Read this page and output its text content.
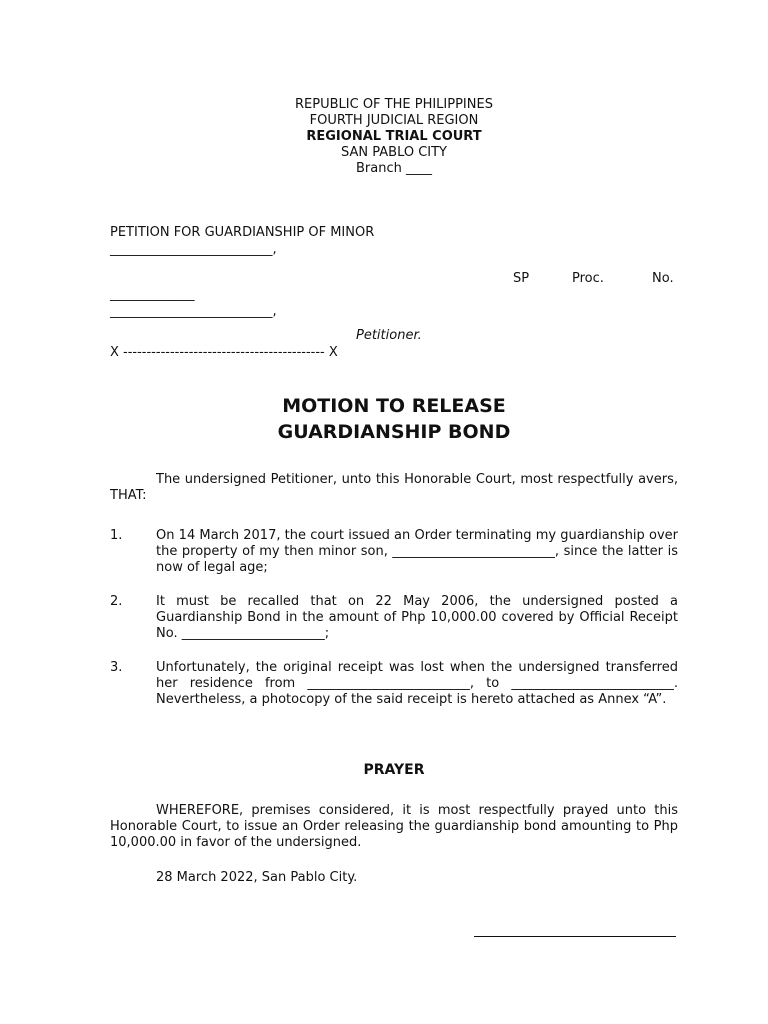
REPUBLIC OF THE PHILIPPINES
FOURTH JUDICIAL REGION
REGIONAL TRIAL COURT
SAN PABLO CITY
Branch ____
PETITION FOR GUARDIANSHIP OF MINOR
_________________________,
SP	Proc.	No.
_____________
_________________________,
Petitioner.
X ------------------------------------------- X
MOTION TO RELEASE
GUARDIANSHIP BOND
The undersigned Petitioner, unto this Honorable Court, most respectfully avers, THAT:
1.	On 14 March 2017, the court issued an Order terminating my guardianship over the property of my then minor son, _________________________, since the latter is now of legal age;
2.	It must be recalled that on 22 May 2006, the undersigned posted a Guardianship Bond in the amount of Php 10,000.00 covered by Official Receipt No. ______________________;
3.	Unfortunately, the original receipt was lost when the undersigned transferred her residence from _________________________, to _________________________. Nevertheless, a photocopy of the said receipt is hereto attached as Annex “A”.
PRAYER
WHEREFORE, premises considered, it is most respectfully prayed unto this Honorable Court, to issue an Order releasing the guardianship bond amounting to Php 10,000.00 in favor of the undersigned.
28 March 2022, San Pablo City.
